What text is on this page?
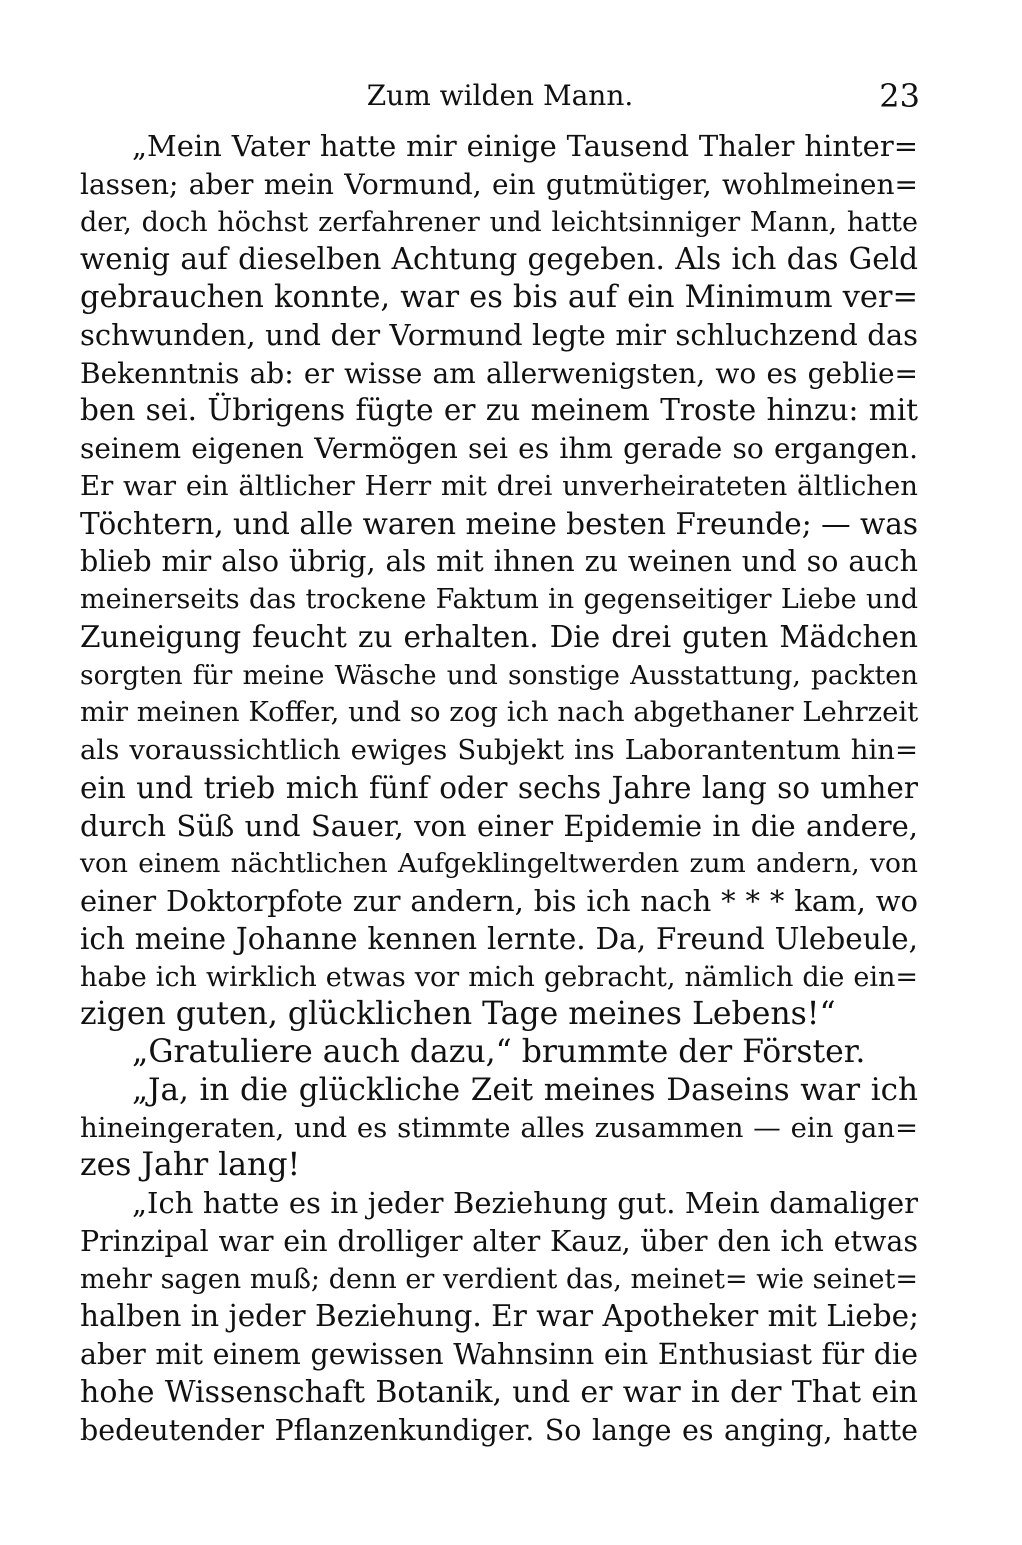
Zum wilden Mann.	23
„Mein Vater hatte mir einige Tausend Thaler hinter=
lassen; aber mein Vormund, ein gutmütiger, wohlmeinen=
der, doch höchst zerfahrener und leichtsinniger Mann, hatte
wenig auf dieselben Achtung gegeben. Als ich das Geld
gebrauchen konnte, war es bis auf ein Minimum ver=
schwunden, und der Vormund legte mir schluchzend das
Bekenntnis ab: er wisse am allerwenigsten, wo es geblie=
ben sei. Übrigens fügte er zu meinem Troste hinzu: mit
seinem eigenen Vermögen sei es ihm gerade so ergangen.
Er war ein ältlicher Herr mit drei unverheirateten ältlichen
Töchtern, und alle waren meine besten Freunde; — was
blieb mir also übrig, als mit ihnen zu weinen und so auch
meinerseits das trockene Faktum in gegenseitiger Liebe und
Zuneigung feucht zu erhalten. Die drei guten Mädchen
sorgten für meine Wäsche und sonstige Ausstattung, packten
mir meinen Koffer, und so zog ich nach abgethaner Lehrzeit
als voraussichtlich ewiges Subjekt ins Laborantentum hin=
ein und trieb mich fünf oder sechs Jahre lang so umher
durch Süß und Sauer, von einer Epidemie in die andere,
von einem nächtlichen Aufgeklingeltwerden zum andern, von
einer Doktorpfote zur andern, bis ich nach * * * kam, wo
ich meine Johanne kennen lernte. Da, Freund Ulebeule,
habe ich wirklich etwas vor mich gebracht, nämlich die ein=
zigen guten, glücklichen Tage meines Lebens!“
„Gratuliere auch dazu,“ brummte der Förster.
„Ja, in die glückliche Zeit meines Daseins war ich
hineingeraten, und es stimmte alles zusammen — ein gan=
zes Jahr lang!
„Ich hatte es in jeder Beziehung gut. Mein damaliger
Prinzipal war ein drolliger alter Kauz, über den ich etwas
mehr sagen muß; denn er verdient das, meinet= wie seinet=
halben in jeder Beziehung. Er war Apotheker mit Liebe;
aber mit einem gewissen Wahnsinn ein Enthusiast für die
hohe Wissenschaft Botanik, und er war in der That ein
bedeutender Pflanzenkundiger. So lange es anging, hatte
